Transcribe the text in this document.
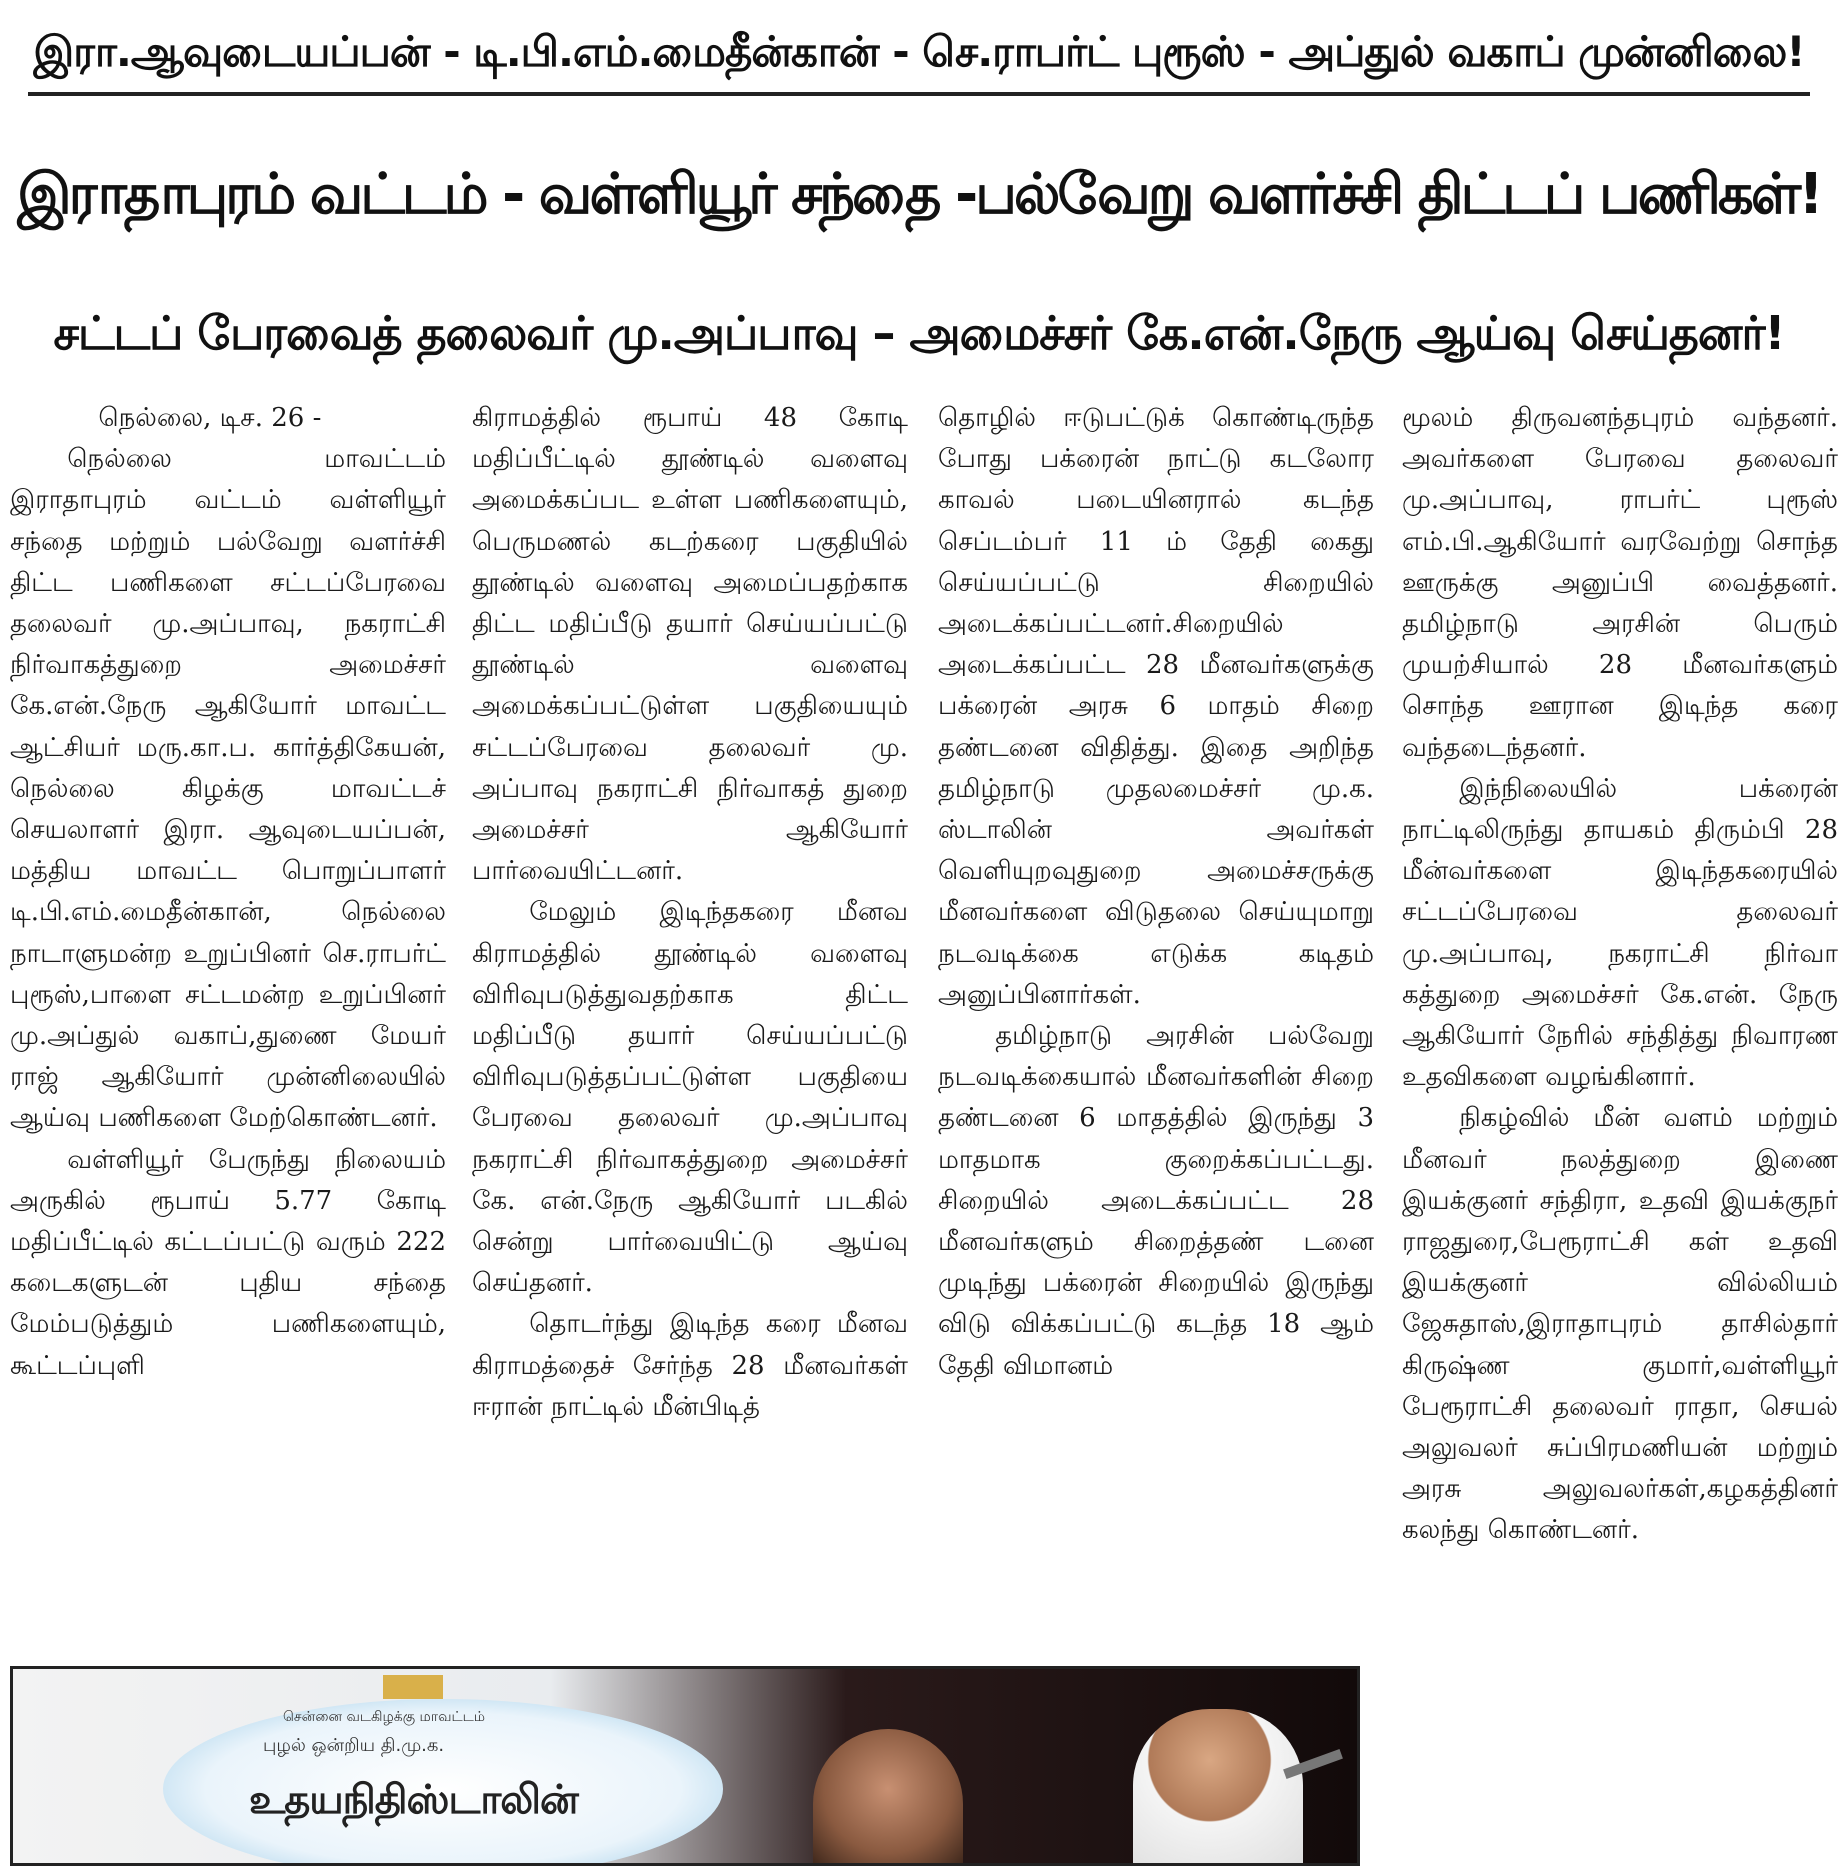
இரா.ஆவுடையப்பன் - டி.பி.எம்.மைதீன்கான் - செ.ராபர்ட் புரூஸ் - அப்துல் வகாப் முன்னிலை!
இராதாபுரம் வட்டம் - வள்ளியூர் சந்தை -பல்வேறு வளர்ச்சி திட்டப் பணிகள்!
சட்டப் பேரவைத் தலைவர் மு.அப்பாவு – அமைச்சர் கே.என்.நேரு ஆய்வு செய்தனர்!

நெல்லை, டிச. 26 -

நெல்லை மாவட்டம் இராதாபுரம் வட்டம் வள்ளியூர் சந்தை மற்றும் பல்வேறு வளர்ச்சி திட்ட பணிகளை சட்டப்பேரவை தலைவர் மு.அப்பாவு, நகராட்சி நிர்வாகத்துறை அமைச்சர் கே.என்.நேரு ஆகியோர் மாவட்ட ஆட்சியர் மரு.கா.ப. கார்த்திகேயன், நெல்லை கிழக்கு மாவட்டச் செயலாளர் இரா. ஆவுடையப்பன், மத்திய மாவட்ட பொறுப்பாளர் டி.பி.எம்.மைதீன்கான், நெல்லை நாடாளுமன்ற உறுப்பினர் செ.ராபர்ட் புரூஸ்,பாளை சட்டமன்ற உறுப்பினர் மு.அப்துல் வகாப்,துணை மேயர் ராஜ் ஆகியோர் முன்னிலையில் ஆய்வு பணிகளை மேற்கொண்டனர்.

வள்ளியூர் பேருந்து நிலையம் அருகில் ரூபாய் 5.77 கோடி மதிப்பீட்டில் கட்டப்பட்டு வரும் 222 கடைகளுடன் புதிய சந்தை மேம்படுத்தும் பணிகளையும், கூட்டப்புளி

கிராமத்தில் ரூபாய் 48 கோடி மதிப்பீட்டில் தூண்டில் வளைவு அமைக்கப்பட உள்ள பணிகளையும், பெருமணல் கடற்கரை பகுதியில் தூண்டில் வளைவு அமைப்பதற்காக திட்ட மதிப்பீடு தயார் செய்யப்பட்டு தூண்டில் வளைவு அமைக்கப்பட்டுள்ள பகுதியையும் சட்டப்பேரவை தலைவர் மு. அப்பாவு நகராட்சி நிர்வாகத் துறை அமைச்சர் ஆகியோர் பார்வையிட்டனர்.

மேலும் இடிந்தகரை மீனவ கிராமத்தில் தூண்டில் வளைவு விரிவுபடுத்துவதற்காக திட்ட மதிப்பீடு தயார் செய்யப்பட்டு விரிவுபடுத்தப்பட்டுள்ள பகுதியை பேரவை தலைவர் மு.அப்பாவு நகராட்சி நிர்வாகத்துறை அமைச்சர் கே. என்.நேரு ஆகியோர் படகில் சென்று பார்வையிட்டு ஆய்வு செய்தனர்.

தொடர்ந்து இடிந்த கரை மீனவ கிராமத்தைச் சேர்ந்த 28 மீனவர்கள் ஈரான் நாட்டில் மீன்பிடித்

தொழில் ஈடுபட்டுக் கொண்டிருந்த போது பக்ரைன் நாட்டு கடலோர காவல் படையினரால் கடந்த செப்டம்பர் 11 ம் தேதி கைது செய்யப்பட்டு சிறையில் அடைக்கப்பட்டனர்.சிறையில் அடைக்கப்பட்ட 28 மீனவர்களுக்கு பக்ரைன் அரசு 6 மாதம் சிறை தண்டனை விதித்து. இதை அறிந்த தமிழ்நாடு முதலமைச்சர் மு.க. ஸ்டாலின் அவர்கள் வெளியுறவுதுறை அமைச்சருக்கு மீனவர்களை விடுதலை செய்யுமாறு நடவடிக்கை எடுக்க கடிதம் அனுப்பினார்கள்.

தமிழ்நாடு அரசின் பல்வேறு நடவடிக்கையால் மீனவர்களின் சிறை தண்டனை 6 மாதத்தில் இருந்து 3 மாதமாக குறைக்கப்பட்டது. சிறையில் அடைக்கப்பட்ட 28 மீனவர்களும் சிறைத்தண் டனை முடிந்து பக்ரைன் சிறையில் இருந்து விடு விக்கப்பட்டு கடந்த 18 ஆம் தேதி விமானம்

மூலம் திருவனந்தபுரம் வந்தனர். அவர்களை பேரவை தலைவர் மு.அப்பாவு, ராபர்ட் புரூஸ் எம்.பி.ஆகியோர் வரவேற்று சொந்த ஊருக்கு அனுப்பி வைத்தனர். தமிழ்நாடு அரசின் பெரும் முயற்சியால் 28 மீனவர்களும் சொந்த ஊரான இடிந்த கரை வந்தடைந்தனர்.

இந்நிலையில் பக்ரைன் நாட்டிலிருந்து தாயகம் திரும்பி 28 மீன்வர்களை இடிந்தகரையில் சட்டப்பேரவை தலைவர் மு.அப்பாவு, நகராட்சி நிர்வா கத்துறை அமைச்சர் கே.என். நேரு ஆகியோர் நேரில் சந்தித்து நிவாரண உதவிகளை வழங்கினார்.

நிகழ்வில் மீன் வளம் மற்றும் மீனவர் நலத்துறை இணை இயக்குனர் சந்திரா, உதவி இயக்குநர் ராஜதுரை,பேரூராட்சி கள் உதவி இயக்குனர் வில்லியம் ஜேசுதாஸ்,இராதாபுரம் தாசில்தார் கிருஷ்ண குமார்,வள்ளியூர் பேரூராட்சி தலைவர் ராதா, செயல் அலுவலர் சுப்பிரமணியன் மற்றும் அரசு அலுவலர்கள்,கழகத்தினர் கலந்து கொண்டனர்.

சென்னை வடகிழக்கு மாவட்டம்
புழல் ஒன்றிய தி.மு.க.
உதயநிதிஸ்டாலின்
